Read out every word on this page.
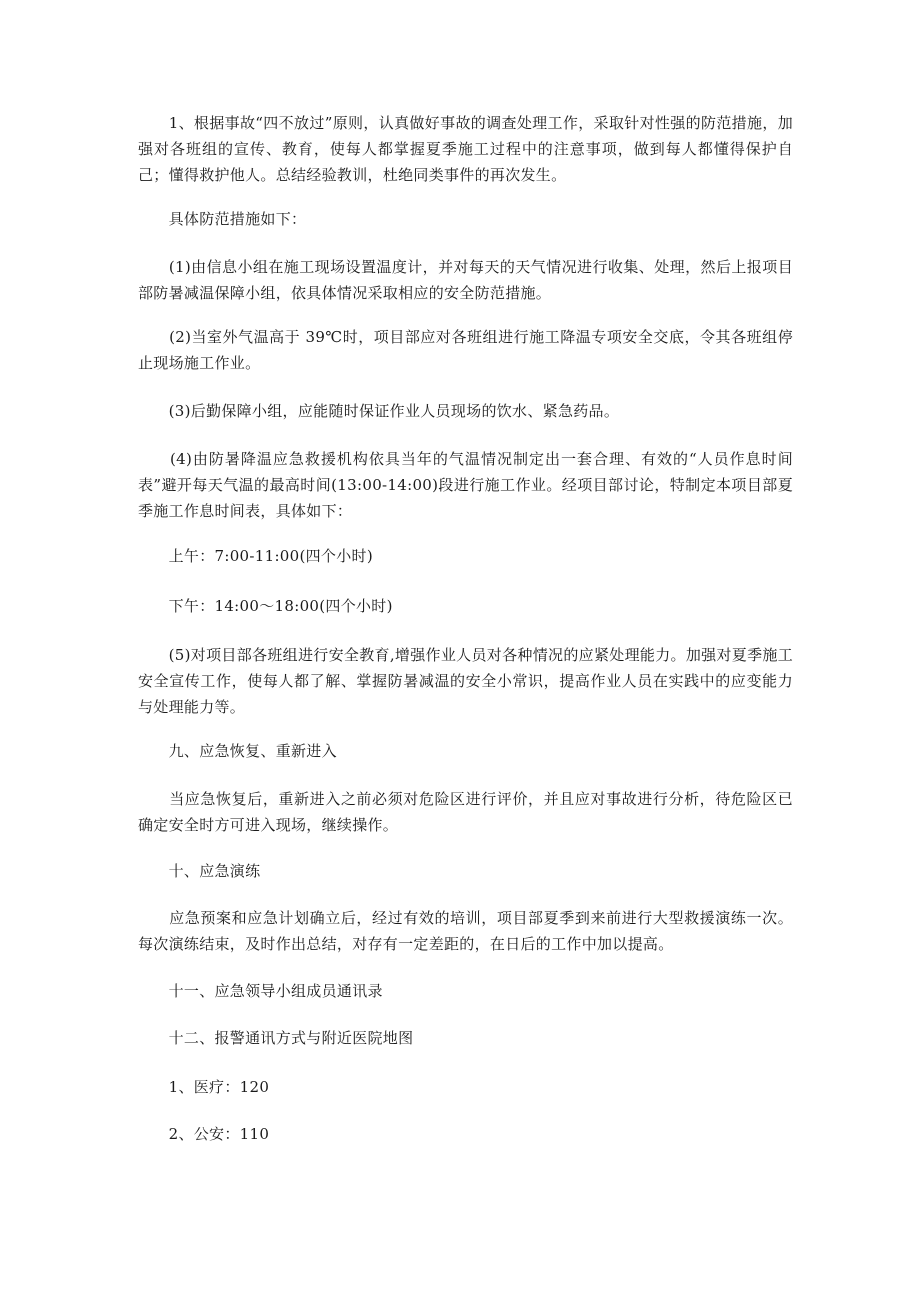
　　1、根据事故“四不放过”原则，认真做好事故的调查处理工作，采取针对性强的防范措施，加强对各班组的宣传、教育，使每人都掌握夏季施工过程中的注意事项，做到每人都懂得保护自己；懂得救护他人。总结经验教训，杜绝同类事件的再次发生。

　　具体防范措施如下：

　　(1)由信息小组在施工现场设置温度计，并对每天的天气情况进行收集、处理，然后上报项目部防暑减温保障小组，依具体情况采取相应的安全防范措施。

　　(2)当室外气温高于 39℃时，项目部应对各班组进行施工降温专项安全交底，令其各班组停止现场施工作业。

　　(3)后勤保障小组，应能随时保证作业人员现场的饮水、紧急药品。

　　(4)由防暑降温应急救援机构依具当年的气温情况制定出一套合理、有效的“人员作息时间表”避开每天气温的最高时间(13:00-14:00)段进行施工作业。经项目部讨论，特制定本项目部夏季施工作息时间表，具体如下：

　　上午：7:00-11:00(四个小时)

　　下午：14:00～18:00(四个小时)

　　(5)对项目部各班组进行安全教育,增强作业人员对各种情况的应紧处理能力。加强对夏季施工安全宣传工作，使每人都了解、掌握防暑减温的安全小常识，提高作业人员在实践中的应变能力与处理能力等。

　　九、应急恢复、重新进入

　　当应急恢复后，重新进入之前必须对危险区进行评价，并且应对事故进行分析，待危险区已确定安全时方可进入现场，继续操作。

　　十、应急演练

　　应急预案和应急计划确立后，经过有效的培训，项目部夏季到来前进行大型救援演练一次。每次演练结束，及时作出总结，对存有一定差距的，在日后的工作中加以提高。

　　十一、应急领导小组成员通讯录

　　十二、报警通讯方式与附近医院地图

　　1、医疗：120

　　2、公安：110
